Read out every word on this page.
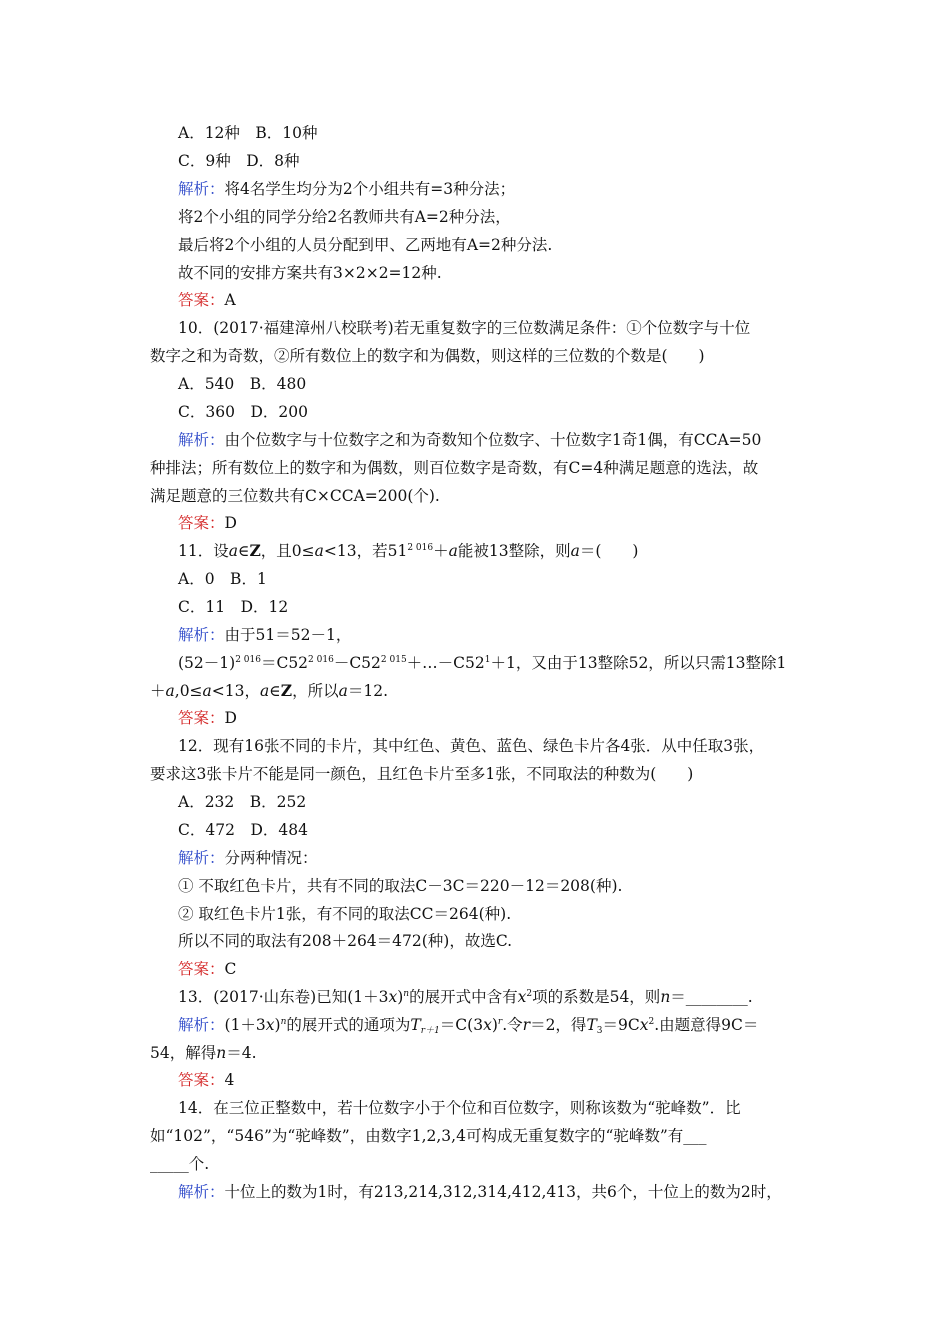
A．12种　B．10种
C．9种　D．8种
解析：将4名学生均分为2个小组共有=3种分法；
将2个小组的同学分给2名教师共有A=2种分法，
最后将2个小组的人员分配到甲、乙两地有A=2种分法.
故不同的安排方案共有3×2×2=12种.
答案：A
10．(2017·福建漳州八校联考)若无重复数字的三位数满足条件：①个位数字与十位
数字之和为奇数，②所有数位上的数字和为偶数，则这样的三位数的个数是(　　)
A．540　B．480
C．360　D．200
解析：由个位数字与十位数字之和为奇数知个位数字、十位数字1奇1偶，有CCA=50
种排法；所有数位上的数字和为偶数，则百位数字是奇数，有C=4种满足题意的选法，故
满足题意的三位数共有C×CCA=200(个).
答案：D
11．设a∈Z，且0≤a<13，若$51^{2 016}+a$能被13整除，则a＝(　　)
A．0　B．1
C．11　D．12
解析：由于51＝52－1，
$(52-1)^{2 016}=C52^{2 016}-C52^{2 015}+\dots-C52^1+1$，又由于13整除52，所以只需13整除1
＋a,0≤a<13，a∈Z，所以a＝12.
答案：D
12．现有16张不同的卡片，其中红色、黄色、蓝色、绿色卡片各4张．从中任取3张，
要求这3张卡片不能是同一颜色，且红色卡片至多1张，不同取法的种数为(　　)
A．232　B．252
C．472　D．484
解析：分两种情况：
① 不取红色卡片，共有不同的取法C－3C＝220－12＝208(种).
② 取红色卡片1张，有不同的取法CC＝264(种).
所以不同的取法有208＋264＝472(种)，故选C.
答案：C
13．(2017·山东卷)已知$(1+3x)^n$的展开式中含有$x^2$项的系数是54，则n＝________.
解析：$(1+3x)^n$的展开式的通项为$T_{r+1}=C(3x)^r$.令r＝2，得$T_3=9Cx^2$.由题意得9C＝
54，解得n＝4.
答案：4
14．在三位正整数中，若十位数字小于个位和百位数字，则称该数为“驼峰数”．比
如“102”，“546”为“驼峰数”，由数字1,2,3,4可构成无重复数字的“驼峰数”有___
_____个.
解析：十位上的数为1时，有213,214,312,314,412,413，共6个，十位上的数为2时，
